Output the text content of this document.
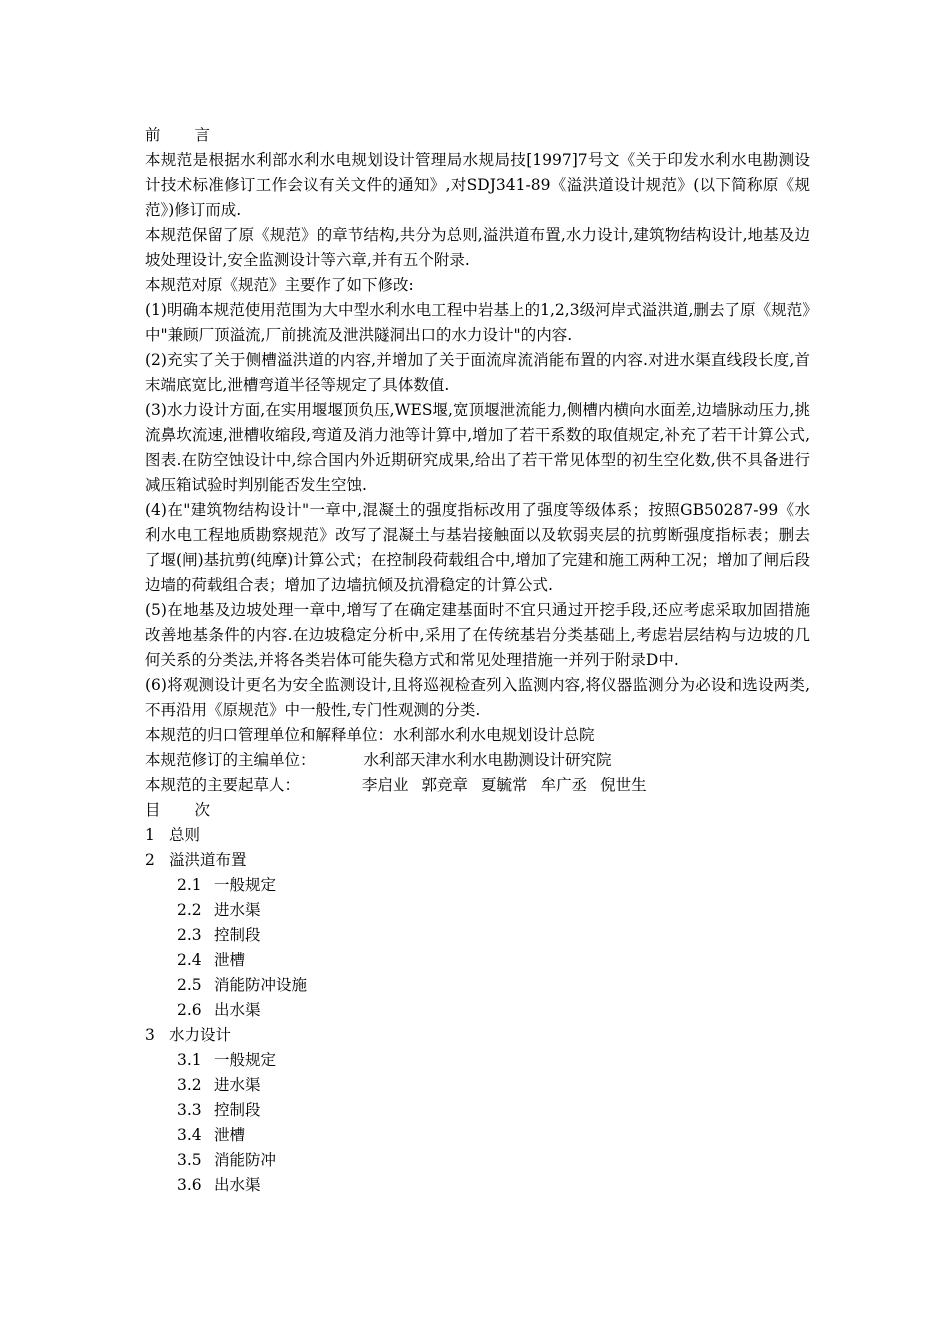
前 言

本规范是根据水利部水利水电规划设计管理局水规局技[1997]7号文《关于印发水利水电勘测设计技术标准修订工作会议有关文件的通知》,对SDJ341-89《溢洪道设计规范》(以下简称原《规范》)修订而成.

本规范保留了原《规范》的章节结构,共分为总则,溢洪道布置,水力设计,建筑物结构设计,地基及边坡处理设计,安全监测设计等六章,并有五个附录.

本规范对原《规范》主要作了如下修改:

(1)明确本规范使用范围为大中型水利水电工程中岩基上的1,2,3级河岸式溢洪道,删去了原《规范》中"兼顾厂顶溢流,厂前挑流及泄洪隧洞出口的水力设计"的内容.

(2)充实了关于侧槽溢洪道的内容,并增加了关于面流戽流消能布置的内容.对进水渠直线段长度,首末端底宽比,泄槽弯道半径等规定了具体数值.

(3)水力设计方面,在实用堰堰顶负压,WES堰,宽顶堰泄流能力,侧槽内横向水面差,边墙脉动压力,挑流鼻坎流速,泄槽收缩段,弯道及消力池等计算中,增加了若干系数的取值规定,补充了若干计算公式,图表.在防空蚀设计中,综合国内外近期研究成果,给出了若干常见体型的初生空化数,供不具备进行减压箱试验时判别能否发生空蚀.

(4)在"建筑物结构设计"一章中,混凝土的强度指标改用了强度等级体系；按照GB50287-99《水利水电工程地质勘察规范》改写了混凝土与基岩接触面以及软弱夹层的抗剪断强度指标表；删去了堰(闸)基抗剪(纯摩)计算公式；在控制段荷载组合中,增加了完建和施工两种工况；增加了闸后段边墙的荷载组合表；增加了边墙抗倾及抗滑稳定的计算公式.

(5)在地基及边坡处理一章中,增写了在确定建基面时不宜只通过开挖手段,还应考虑采取加固措施改善地基条件的内容.在边坡稳定分析中,采用了在传统基岩分类基础上,考虑岩层结构与边坡的几何关系的分类法,并将各类岩体可能失稳方式和常见处理措施一并列于附录D中.

(6)将观测设计更名为安全监测设计,且将巡视检查列入监测内容,将仪器监测分为必设和选设两类,不再沿用《原规范》中一般性,专门性观测的分类.

本规范的归口管理单位和解释单位：水利部水利水电规划设计总院
本规范修订的主编单位：	水利部天津水利水电勘测设计研究院
本规范的主要起草人：	李启业 郭竞章 夏毓常 牟广丞 倪世生
目 次
1 总则
2 溢洪道布置
2.1 一般规定
2.2 进水渠
2.3 控制段
2.4 泄槽
2.5 消能防冲设施
2.6 出水渠
3 水力设计
3.1 一般规定
3.2 进水渠
3.3 控制段
3.4 泄槽
3.5 消能防冲
3.6 出水渠
